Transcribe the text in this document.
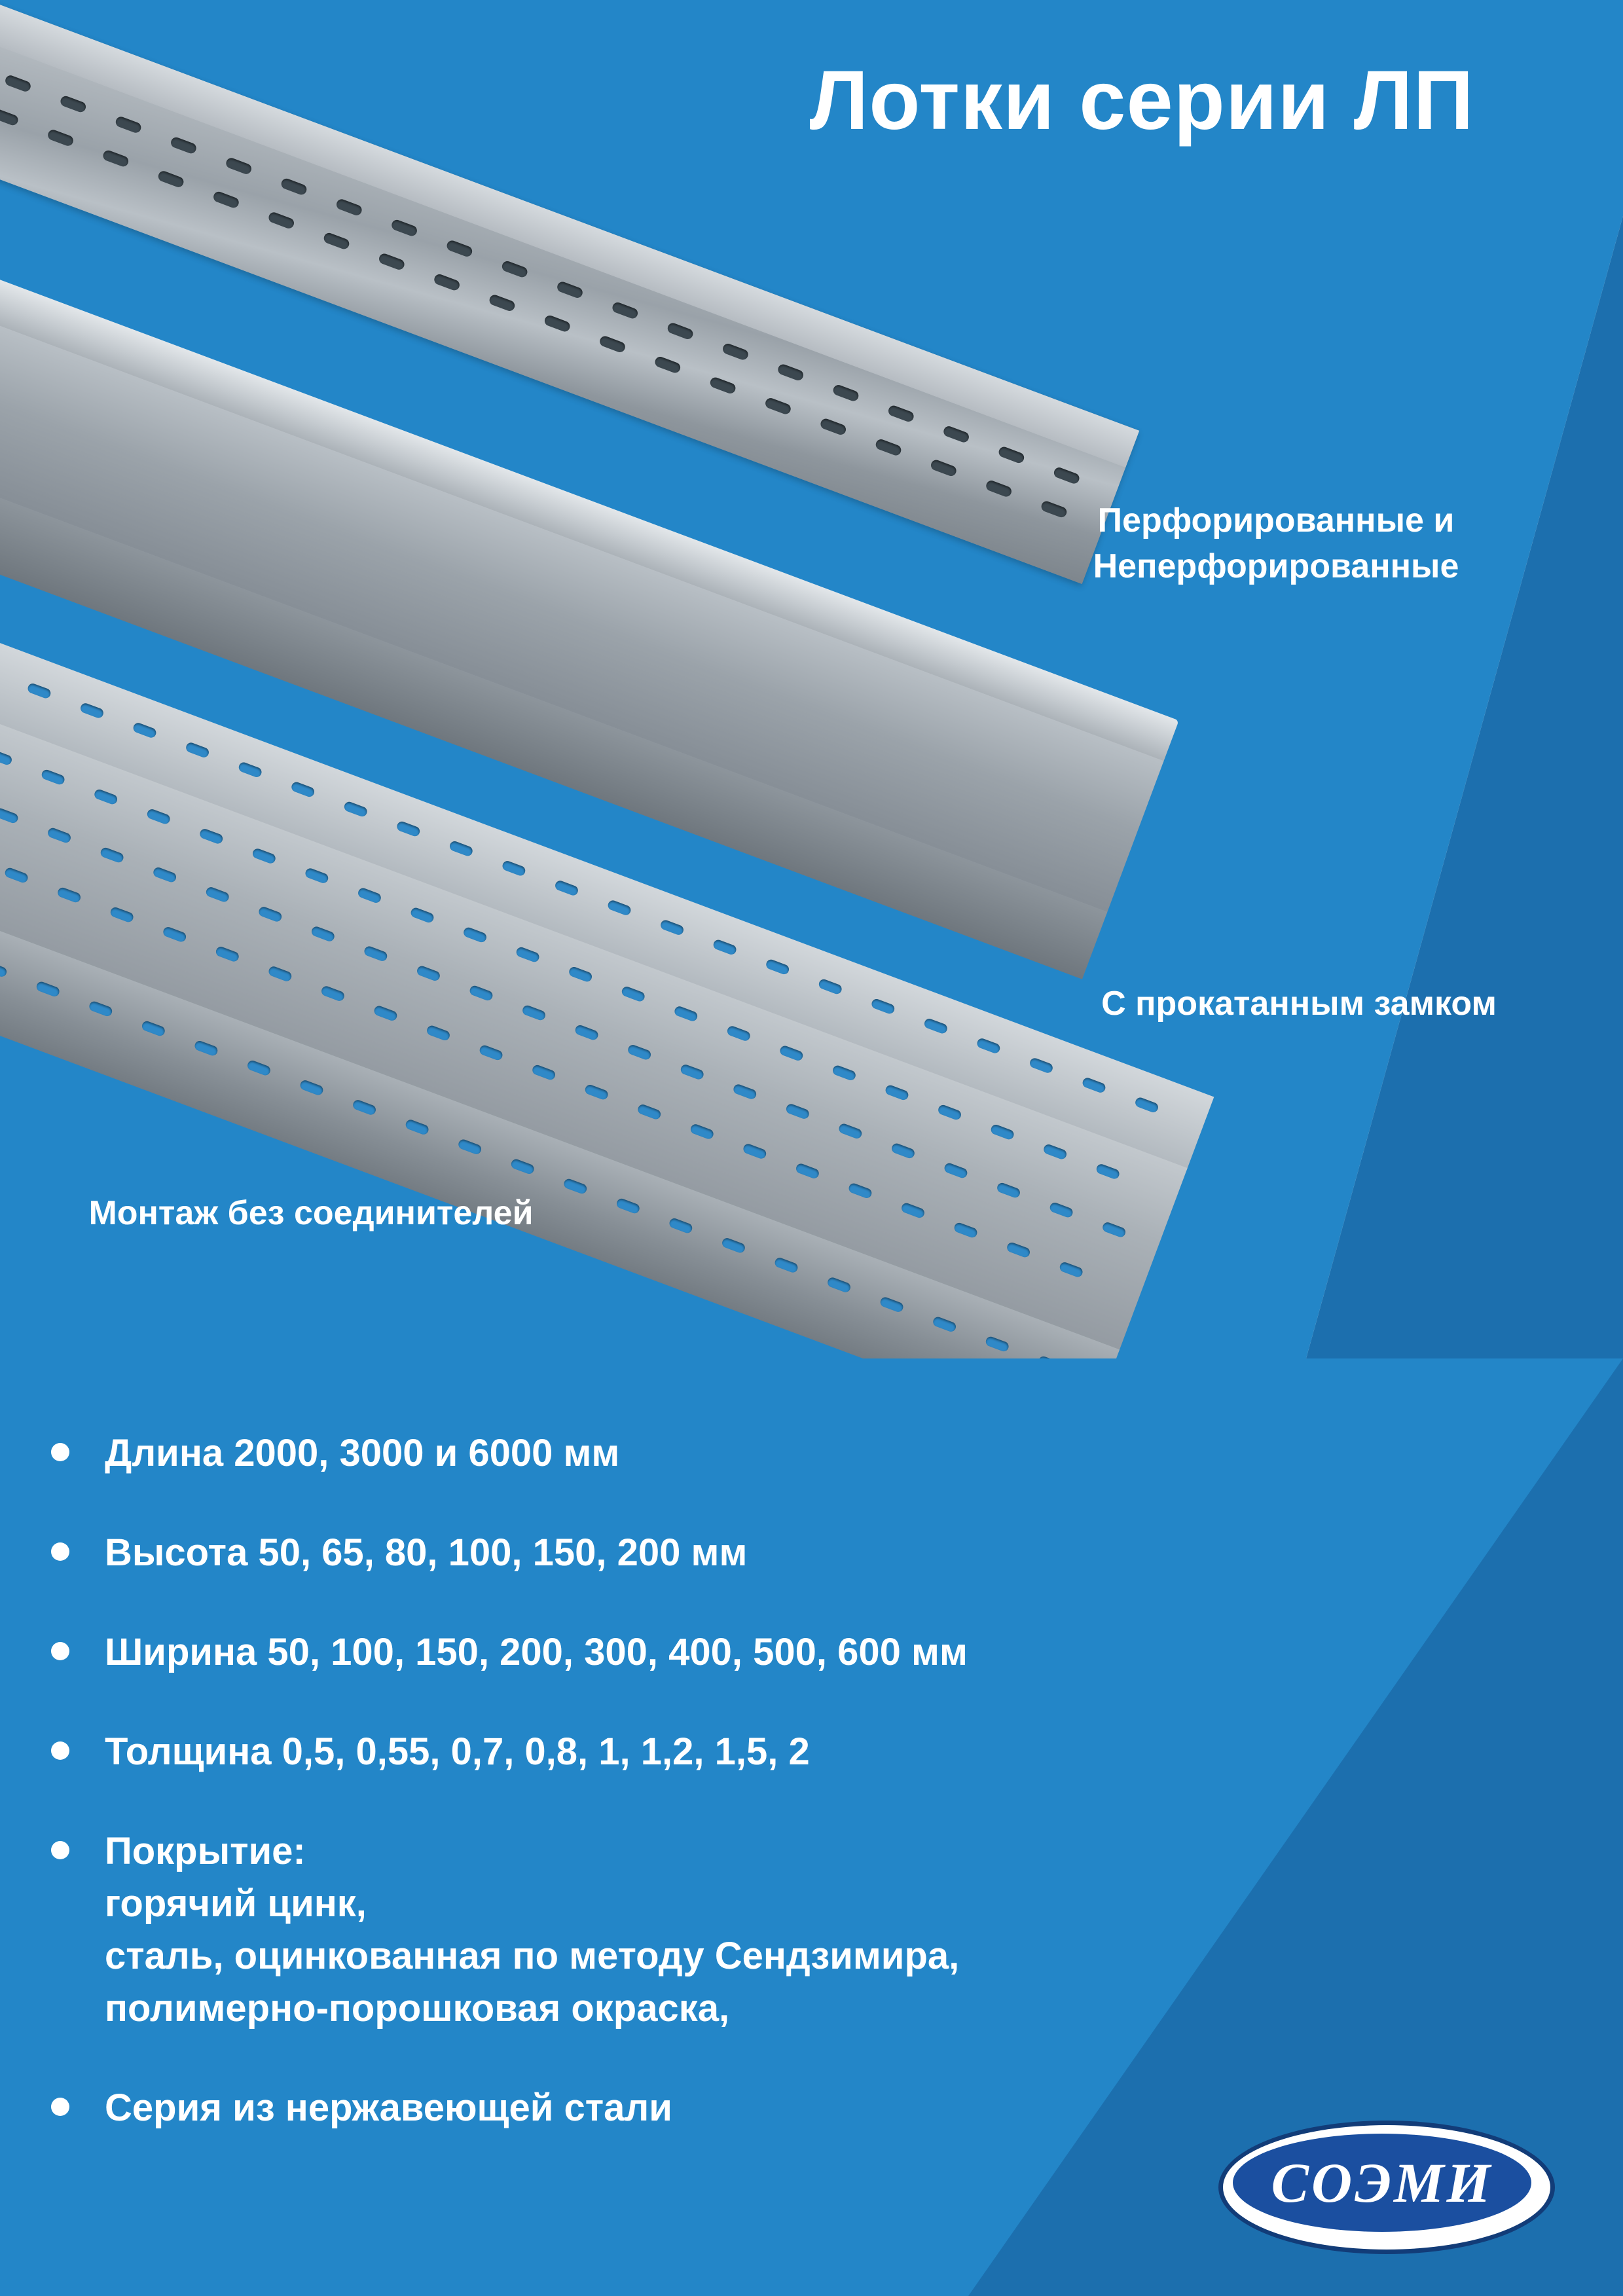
Лотки серии ЛП
Перфорированные и Неперфорированные
С прокатанным замком
Монтаж без соединителей
Длина 2000, 3000 и 6000 мм
Высота 50, 65, 80, 100, 150, 200 мм
Ширина 50, 100, 150, 200, 300, 400, 500, 600 мм
Толщина 0,5, 0,55, 0,7, 0,8, 1, 1,2, 1,5, 2
Покрытие:
горячий цинк,
сталь, оцинкованная по методу Сендзимира,
полимерно-порошковая окраска,
Серия из нержавеющей стали
СОЭМИ
